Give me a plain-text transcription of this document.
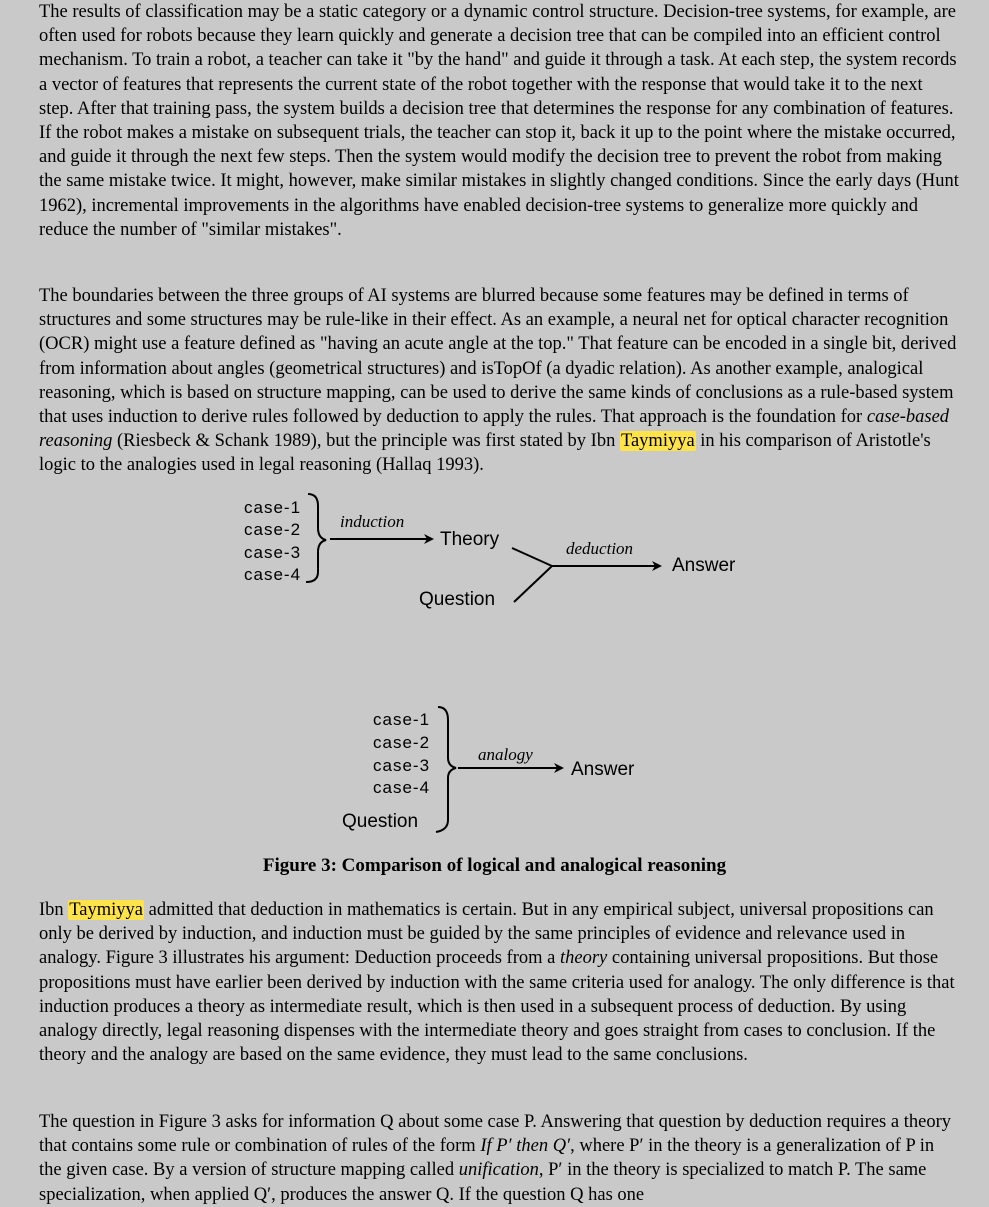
The results of classification may be a static category or a dynamic control structure. Decision-tree systems, for example, are often used for robots because they learn quickly and generate a decision tree that can be compiled into an efficient control mechanism. To train a robot, a teacher can take it "by the hand" and guide it through a task. At each step, the system records a vector of features that represents the current state of the robot together with the response that would take it to the next step. After that training pass, the system builds a decision tree that determines the response for any combination of features. If the robot makes a mistake on subsequent trials, the teacher can stop it, back it up to the point where the mistake occurred, and guide it through the next few steps. Then the system would modify the decision tree to prevent the robot from making the same mistake twice. It might, however, make similar mistakes in slightly changed conditions. Since the early days (Hunt 1962), incremental improvements in the algorithms have enabled decision-tree systems to generalize more quickly and reduce the number of "similar mistakes".

The boundaries between the three groups of AI systems are blurred because some features may be defined in terms of structures and some structures may be rule-like in their effect. As an example, a neural net for optical character recognition (OCR) might use a feature defined as "having an acute angle at the top." That feature can be encoded in a single bit, derived from information about angles (geometrical structures) and isTopOf (a dyadic relation). As another example, analogical reasoning, which is based on structure mapping, can be used to derive the same kinds of conclusions as a rule-based system that uses induction to derive rules followed by deduction to apply the rules. That approach is the foundation for case-based reasoning (Riesbeck & Schank 1989), but the principle was first stated by Ibn Taymiyya in his comparison of Aristotle's logic to the analogies used in legal reasoning (Hallaq 1993).

case-1
case-2
case-3
case-4
Theory
Question
Answer
case-1
case-2
case-3
case-4
Question
Answer
induction
deduction
analogy
Figure 3: Comparison of logical and analogical reasoning

Ibn Taymiyya admitted that deduction in mathematics is certain. But in any empirical subject, universal propositions can only be derived by induction, and induction must be guided by the same principles of evidence and relevance used in analogy. Figure 3 illustrates his argument: Deduction proceeds from a theory containing universal propositions. But those propositions must have earlier been derived by induction with the same criteria used for analogy. The only difference is that induction produces a theory as intermediate result, which is then used in a subsequent process of deduction. By using analogy directly, legal reasoning dispenses with the intermediate theory and goes straight from cases to conclusion. If the theory and the analogy are based on the same evidence, they must lead to the same conclusions.

The question in Figure 3 asks for information Q about some case P. Answering that question by deduction requires a theory that contains some rule or combination of rules of the form If P′ then Q′, where P′ in the theory is a generalization of P in the given case. By a version of structure mapping called unification, P′ in the theory is specialized to match P. The same specialization, when applied Q′, produces the answer Q. If the question Q has one
